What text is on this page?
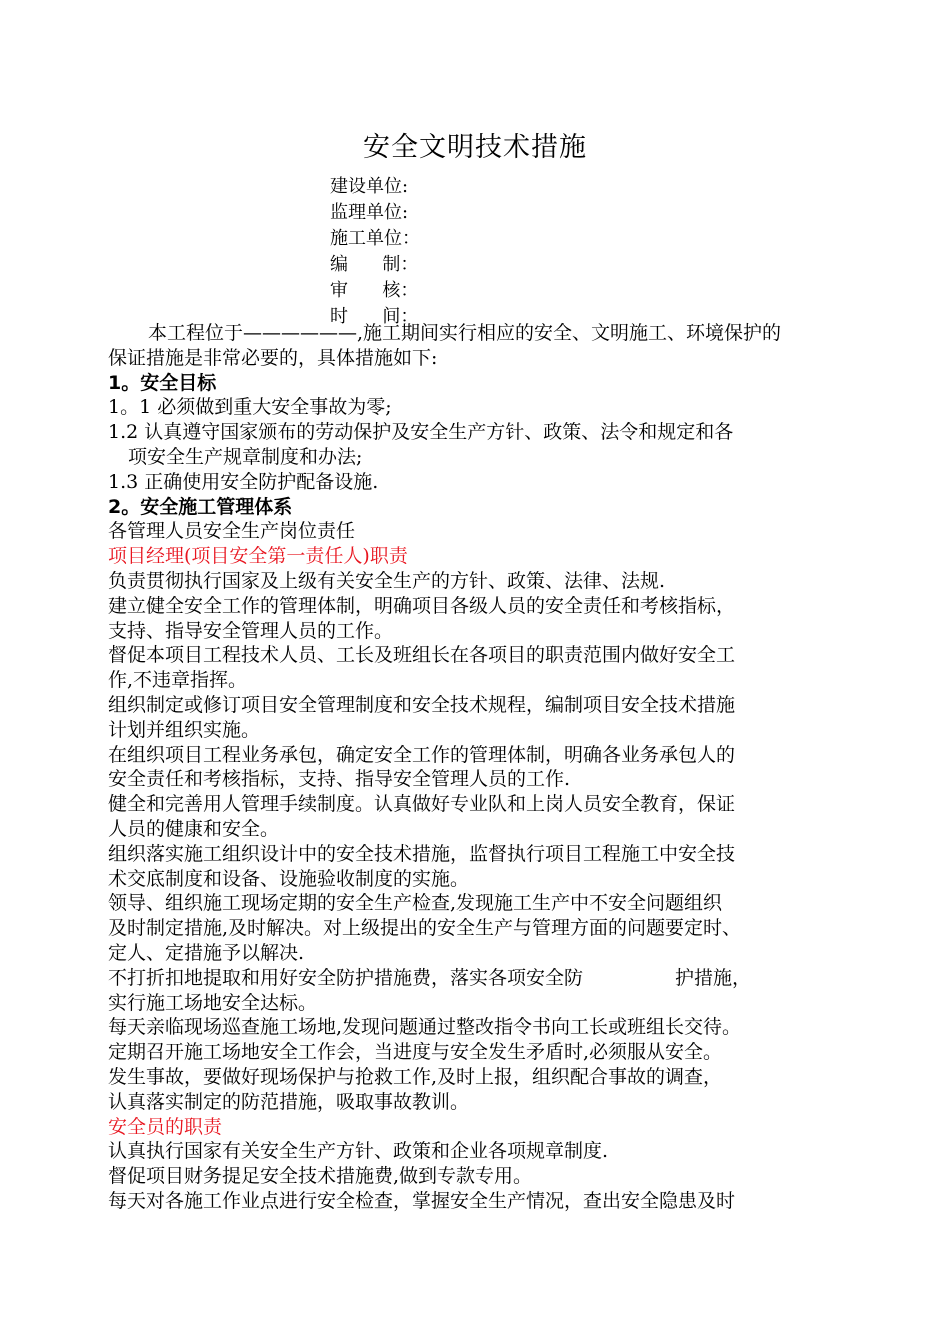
安全文明技术措施
建设单位:
监理单位:
施工单位：
编      制：
审      核：
时      间：
本工程位于——————,施工期间实行相应的安全、文明施工、环境保护的
保证措施是非常必要的，具体措施如下:
1。安全目标
1。1 必须做到重大安全事故为零;
1.2 认真遵守国家颁布的劳动保护及安全生产方针、政策、法令和规定和各
项安全生产规章制度和办法;
1.3 正确使用安全防护配备设施.
2。安全施工管理体系
各管理人员安全生产岗位责任
项目经理(项目安全第一责任人)职责
负责贯彻执行国家及上级有关安全生产的方针、政策、法律、法规.
建立健全安全工作的管理体制，明确项目各级人员的安全责任和考核指标，
支持、指导安全管理人员的工作。
督促本项目工程技术人员、工长及班组长在各项目的职责范围内做好安全工
作,不违章指挥。
组织制定或修订项目安全管理制度和安全技术规程，编制项目安全技术措施
计划并组织实施。
在组织项目工程业务承包，确定安全工作的管理体制，明确各业务承包人的
安全责任和考核指标，支持、指导安全管理人员的工作.
健全和完善用人管理手续制度。认真做好专业队和上岗人员安全教育，保证
人员的健康和安全。
组织落实施工组织设计中的安全技术措施，监督执行项目工程施工中安全技
术交底制度和设备、设施验收制度的实施。
领导、组织施工现场定期的安全生产检查,发现施工生产中不安全问题组织
及时制定措施,及时解决。对上级提出的安全生产与管理方面的问题要定时、
定人、定措施予以解决.
不打折扣地提取和用好安全防护措施费，落实各项安全防	护措施，
实行施工场地安全达标。
每天亲临现场巡查施工场地,发现问题通过整改指令书向工长或班组长交待。
定期召开施工场地安全工作会，当进度与安全发生矛盾时,必须服从安全。
发生事故，要做好现场保护与抢救工作,及时上报，组织配合事故的调查，
认真落实制定的防范措施，吸取事故教训。
安全员的职责
认真执行国家有关安全生产方针、政策和企业各项规章制度.
督促项目财务提足安全技术措施费,做到专款专用。
每天对各施工作业点进行安全检查，掌握安全生产情况，查出安全隐患及时
